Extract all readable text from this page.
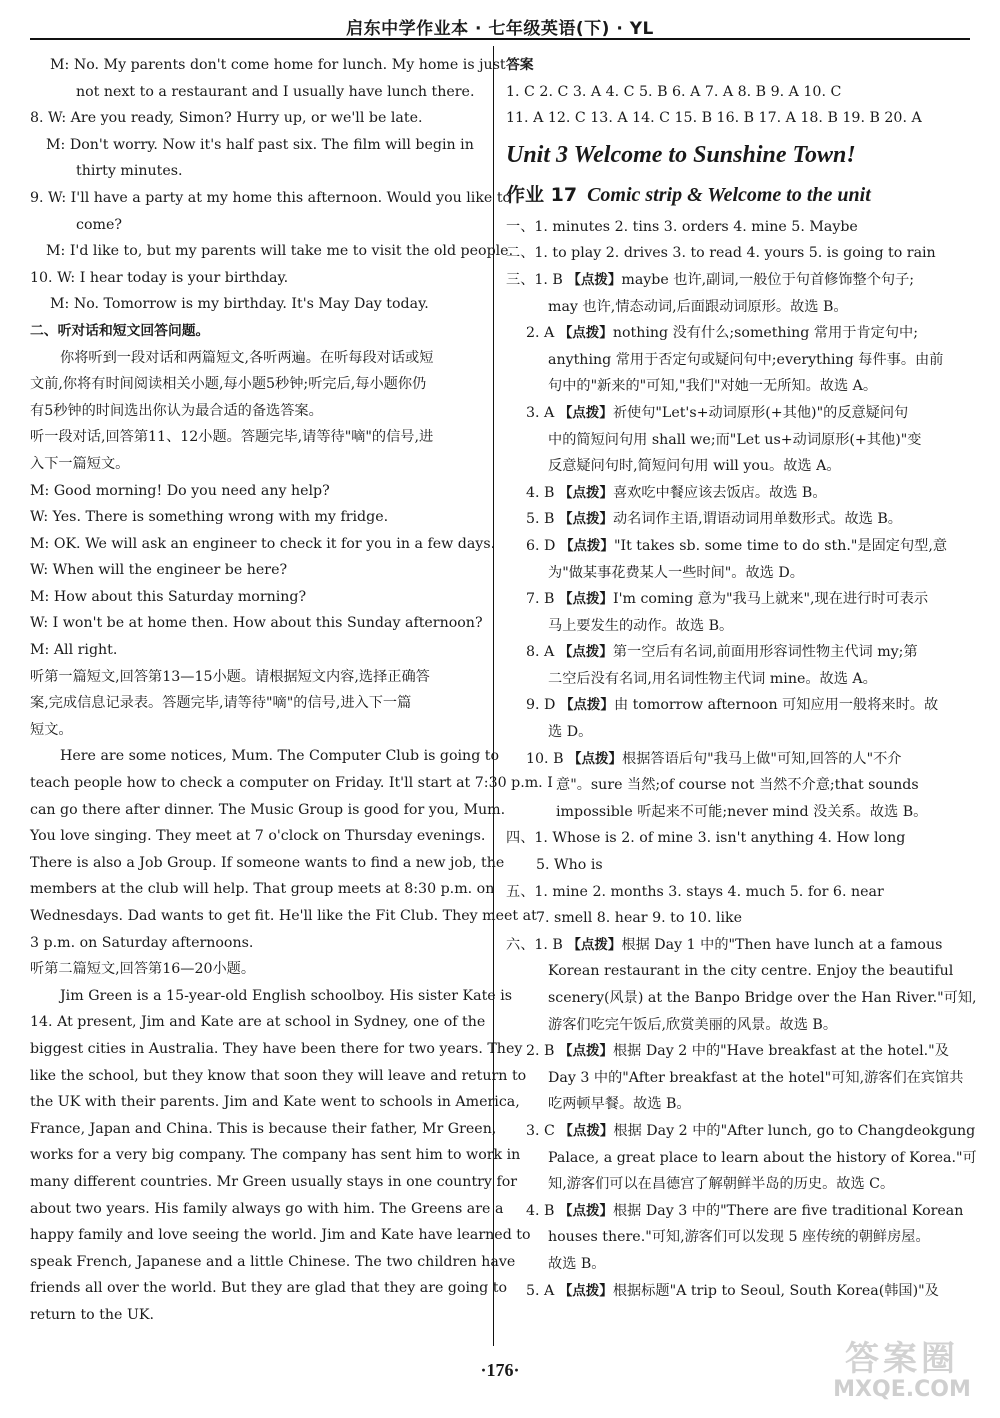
启东中学作业本 · 七年级英语(下) · YL
M: No. My parents don't come home for lunch. My home is just
not next to a restaurant and I usually have lunch there.
8. W: Are you ready, Simon? Hurry up, or we'll be late.
M: Don't worry. Now it's half past six. The film will begin in
thirty minutes.
9. W: I'll have a party at my home this afternoon. Would you like to
come?
M: I'd like to, but my parents will take me to visit the old people.
10. W: I hear today is your birthday.
M: No. Tomorrow is my birthday. It's May Day today.
二、听对话和短文回答问题。
你将听到一段对话和两篇短文,各听两遍。在听每段对话或短
文前,你将有时间阅读相关小题,每小题5秒钟;听完后,每小题你仍
有5秒钟的时间选出你认为最合适的备选答案。
听一段对话,回答第11、12小题。答题完毕,请等待"嘀"的信号,进
入下一篇短文。
M: Good morning! Do you need any help?
W: Yes. There is something wrong with my fridge.
M: OK. We will ask an engineer to check it for you in a few days.
W: When will the engineer be here?
M: How about this Saturday morning?
W: I won't be at home then. How about this Sunday afternoon?
M: All right.
听第一篇短文,回答第13—15小题。请根据短文内容,选择正确答
案,完成信息记录表。答题完毕,请等待"嘀"的信号,进入下一篇
短文。
Here are some notices, Mum. The Computer Club is going to
teach people how to check a computer on Friday. It'll start at 7:30 p.m. I
can go there after dinner. The Music Group is good for you, Mum.
You love singing. They meet at 7 o'clock on Thursday evenings.
There is also a Job Group. If someone wants to find a new job, the
members at the club will help. That group meets at 8:30 p.m. on
Wednesdays. Dad wants to get fit. He'll like the Fit Club. They meet at
3 p.m. on Saturday afternoons.
听第二篇短文,回答第16—20小题。
Jim Green is a 15-year-old English schoolboy. His sister Kate is
14. At present, Jim and Kate are at school in Sydney, one of the
biggest cities in Australia. They have been there for two years. They
like the school, but they know that soon they will leave and return to
the UK with their parents. Jim and Kate went to schools in America,
France, Japan and China. This is because their father, Mr Green,
works for a very big company. The company has sent him to work in
many different countries. Mr Green usually stays in one country for
about two years. His family always go with him. The Greens are a
happy family and love seeing the world. Jim and Kate have learned to
speak French, Japanese and a little Chinese. The two children have
friends all over the world. But they are glad that they are going to
return to the UK.
答案
1. C 2. C 3. A 4. C 5. B 6. A 7. A 8. B 9. A 10. C
11. A 12. C 13. A 14. C 15. B 16. B 17. A 18. B 19. B 20. A
Unit 3 Welcome to Sunshine Town!
作业 17 Comic strip & Welcome to the unit
一、1. minutes 2. tins 3. orders 4. mine 5. Maybe
二、1. to play 2. drives 3. to read 4. yours 5. is going to rain
三、1. B 【点拨】maybe 也许,副词,一般位于句首修饰整个句子;
may 也许,情态动词,后面跟动词原形。故选 B。
2. A 【点拨】nothing 没有什么;something 常用于肯定句中;
anything 常用于否定句或疑问句中;everything 每件事。由前
句中的"新来的"可知,"我们"对她一无所知。故选 A。
3. A 【点拨】祈使句"Let's+动词原形(+其他)"的反意疑问句
中的简短问句用 shall we;而"Let us+动词原形(+其他)"变
反意疑问句时,简短问句用 will you。故选 A。
4. B 【点拨】喜欢吃中餐应该去饭店。故选 B。
5. B 【点拨】动名词作主语,谓语动词用单数形式。故选 B。
6. D 【点拨】"It takes sb. some time to do sth."是固定句型,意
为"做某事花费某人一些时间"。故选 D。
7. B 【点拨】I'm coming 意为"我马上就来",现在进行时可表示
马上要发生的动作。故选 B。
8. A 【点拨】第一空后有名词,前面用形容词性物主代词 my;第
二空后没有名词,用名词性物主代词 mine。故选 A。
9. D 【点拨】由 tomorrow afternoon 可知应用一般将来时。故
选 D。
10. B 【点拨】根据答语后句"我马上做"可知,回答的人"不介
意"。sure 当然;of course not 当然不介意;that sounds
impossible 听起来不可能;never mind 没关系。故选 B。
四、1. Whose is 2. of mine 3. isn't anything 4. How long
5. Who is
五、1. mine 2. months 3. stays 4. much 5. for 6. near
7. smell 8. hear 9. to 10. like
六、1. B 【点拨】根据 Day 1 中的"Then have lunch at a famous
Korean restaurant in the city centre. Enjoy the beautiful
scenery(风景) at the Banpo Bridge over the Han River."可知,
游客们吃完午饭后,欣赏美丽的风景。故选 B。
2. B 【点拨】根据 Day 2 中的"Have breakfast at the hotel."及
Day 3 中的"After breakfast at the hotel"可知,游客们在宾馆共
吃两顿早餐。故选 B。
3. C 【点拨】根据 Day 2 中的"After lunch, go to Changdeokgung
Palace, a great place to learn about the history of Korea."可
知,游客们可以在昌德宫了解朝鲜半岛的历史。故选 C。
4. B 【点拨】根据 Day 3 中的"There are five traditional Korean
houses there."可知,游客们可以发现 5 座传统的朝鲜房屋。
故选 B。
5. A 【点拨】根据标题"A trip to Seoul, South Korea(韩国)"及
·176·	答案圈
MXQE.COM
